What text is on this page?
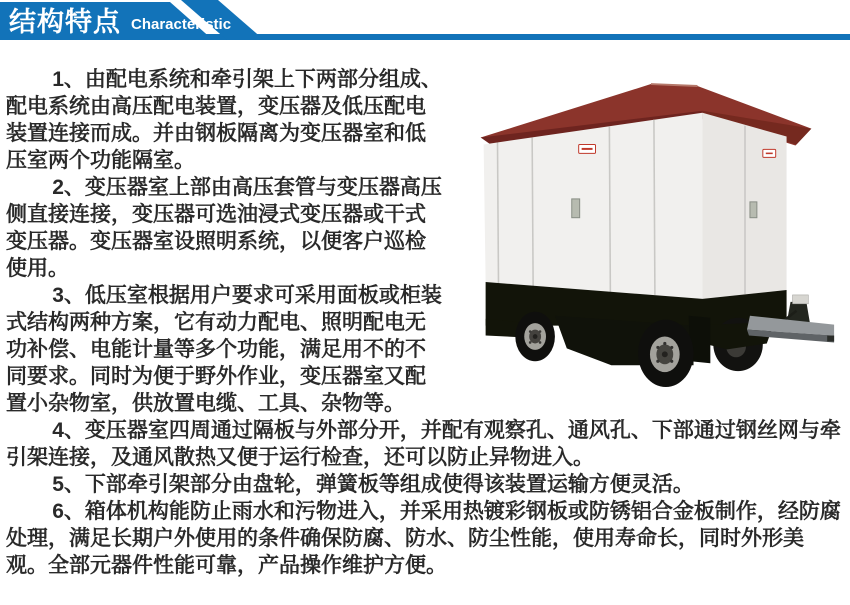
结构特点 Characteristic

1、由配电系统和牵引架上下两部分组成、配电系统由高压配电装置，变压器及低压配电装置连接而成。并由钢板隔离为变压器室和低压室两个功能隔室。

2、变压器室上部由高压套管与变压器高压侧直接连接，变压器可选油浸式变压器或干式变压器。变压器室设照明系统，以便客户巡检使用。

3、低压室根据用户要求可采用面板或柜装式结构两种方案，它有动力配电、照明配电无功补偿、电能计量等多个功能，满足用不的不同要求。同时为便于野外作业，变压器室又配置小杂物室，供放置电缆、工具、杂物等。

4、变压器室四周通过隔板与外部分开，并配有观察孔、通风孔、下部通过钢丝网与牵引架连接，及通风散热又便于运行检查，还可以防止异物进入。

5、下部牵引架部分由盘轮，弹簧板等组成使得该装置运输方便灵活。

6、箱体机构能防止雨水和污物进入，并采用热镀彩钢板或防锈铝合金板制作，经防腐处理，满足长期户外使用的条件确保防腐、防水、防尘性能，使用寿命长，同时外形美观。全部元器件性能可靠，产品操作维护方便。
